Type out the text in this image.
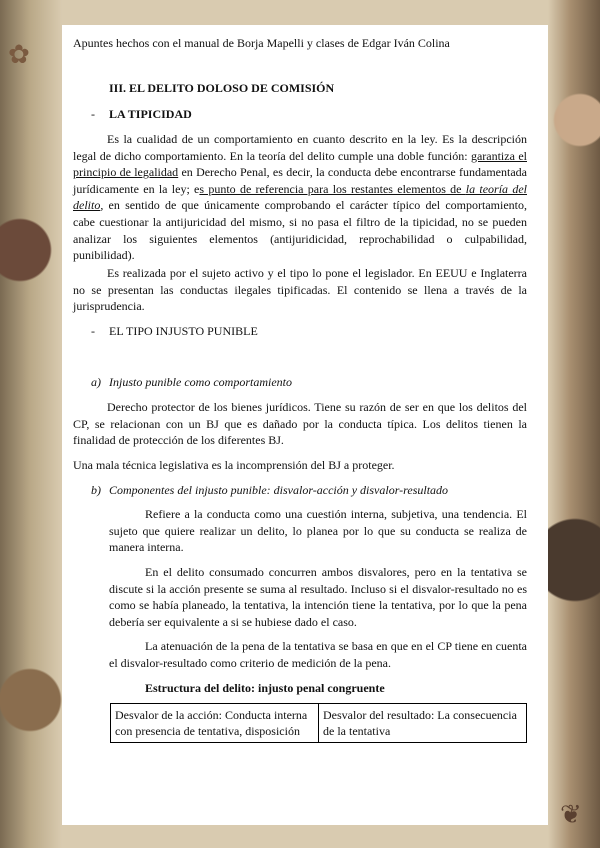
❦
✿	Apuntes hechos con el manual de Borja Mapelli y clases de Edgar Iván Colina
III. EL DELITO DOLOSO DE COMISIÓN
- LA TIPICIDAD
Es la cualidad de un comportamiento en cuanto descrito en la ley. Es la descripción legal de dicho comportamiento. En la teoría del delito cumple una doble función: garantiza el principio de legalidad en Derecho Penal, es decir, la conducta debe encontrarse fundamentada jurídicamente en la ley; es punto de referencia para los restantes elementos de la teoría del delito, en sentido de que únicamente comprobando el carácter típico del comportamiento, cabe cuestionar la antijuricidad del mismo, si no pasa el filtro de la tipicidad, no se pueden analizar los siguientes elementos (antijuridicidad, reprochabilidad o culpabilidad, punibilidad).
Es realizada por el sujeto activo y el tipo lo pone el legislador. En EEUU e Inglaterra no se presentan las conductas ilegales tipificadas. El contenido se llena a través de la jurisprudencia.
- EL TIPO INJUSTO PUNIBLE
a) Injusto punible como comportamiento
Derecho protector de los bienes jurídicos. Tiene su razón de ser en que los delitos del CP, se relacionan con un BJ que es dañado por la conducta típica. Los delitos tienen la finalidad de protección de los diferentes BJ.
Una mala técnica legislativa es la incomprensión del BJ a proteger.
b) Componentes del injusto punible: disvalor-acción y disvalor-resultado
Refiere a la conducta como una cuestión interna, subjetiva, una tendencia. El sujeto que quiere realizar un delito, lo planea por lo que su conducta se realiza de manera interna.
En el delito consumado concurren ambos disvalores, pero en la tentativa se discute si la acción presente se suma al resultado. Incluso si el disvalor-resultado no es como se había planeado, la tentativa, la intención tiene la tentativa, por lo que la pena debería ser equivalente a si se hubiese dado el caso.
La atenuación de la pena de la tentativa se basa en que en el CP tiene en cuenta el disvalor-resultado como criterio de medición de la pena.
Estructura del delito: injusto penal congruente
Desvalor de la acción: Conducta interna con presencia de tentativa, disposición	Desvalor del resultado: La consecuencia de la tentativa
